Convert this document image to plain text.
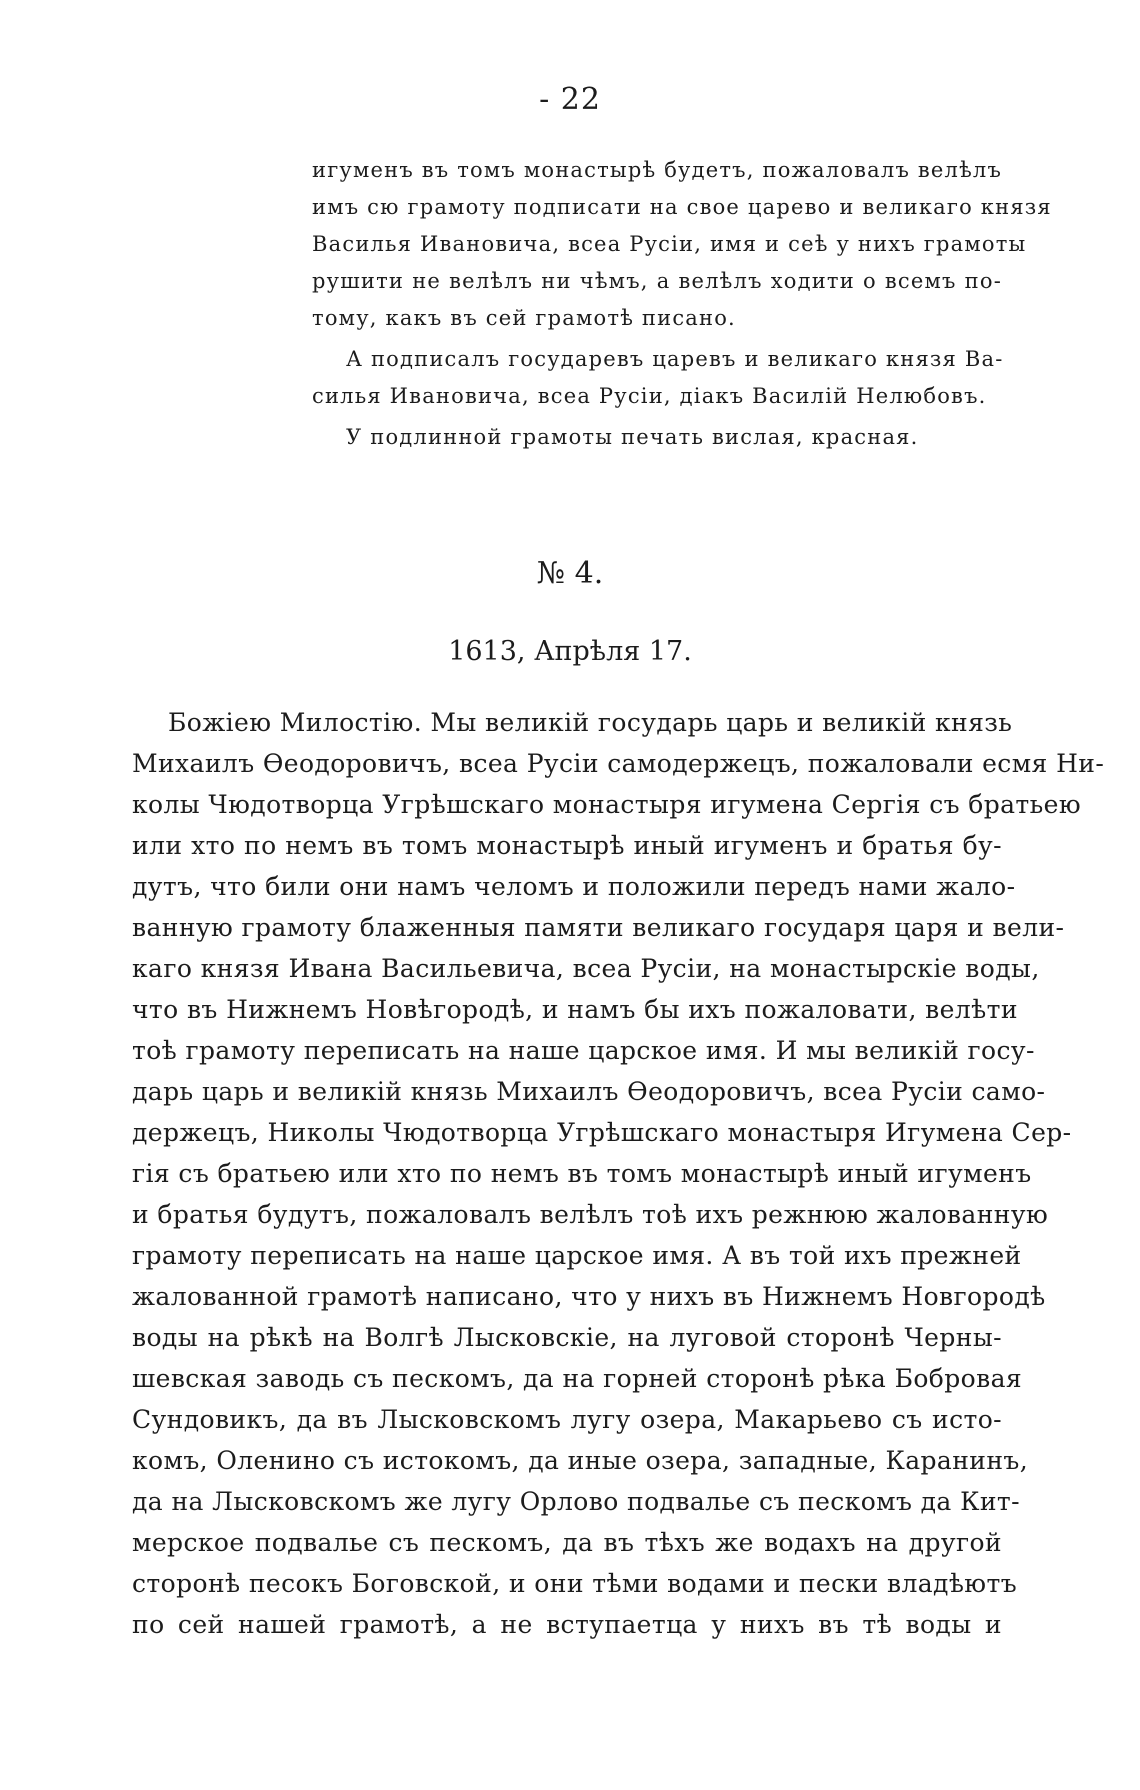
- 22
игуменъ въ томъ монастырѣ будетъ, пожаловалъ велѣлъ
имъ сю грамоту подписати на свое царево и великаго князя
Василья Ивановича, всеа Русіи, имя и сеѣ у нихъ грамоты
рушити не велѣлъ ни чѣмъ, а велѣлъ ходити о всемъ по-
тому, какъ въ сей грамотѣ писано.
А подписалъ государевъ царевъ и великаго князя Ва-
силья Ивановича, всеа Русіи, діакъ Василій Нелюбовъ.
У подлинной грамоты печать вислая, красная.
№ 4.
1613, Апрѣля 17.
Божіею Милостію. Мы великій государь царь и великій князь
Михаилъ Ѳеодоровичъ, всеа Русіи самодержецъ, пожаловали есмя Ни-
колы Чюдотворца Угрѣшскаго монастыря игумена Сергія съ братьею
или хто по немъ въ томъ монастырѣ иный игуменъ и братья бу-
дутъ, что били они намъ челомъ и положили передъ нами жало-
ванную грамоту блаженныя памяти великаго государя царя и вели-
каго князя Ивана Васильевича, всеа Русіи, на монастырскіе воды,
что въ Нижнемъ Новѣгородѣ, и намъ бы ихъ пожаловати, велѣти
тоѣ грамоту переписать на наше царское имя. И мы великій госу-
дарь царь и великій князь Михаилъ Ѳеодоровичъ, всеа Русіи само-
держецъ, Николы Чюдотворца Угрѣшскаго монастыря Игумена Сер-
гія съ братьею или хто по немъ въ томъ монастырѣ иный игуменъ
и братья будутъ, пожаловалъ велѣлъ тоѣ ихъ режнюю жалованную
грамоту переписать на наше царское имя. А въ той ихъ прежней
жалованной грамотѣ написано, что у нихъ въ Нижнемъ Новгородѣ
воды на рѣкѣ на Волгѣ Лысковскіе, на луговой сторонѣ Черны-
шевская заводь съ пескомъ, да на горней сторонѣ рѣка Бобровая
Сундовикъ, да въ Лысковскомъ лугу озера, Макарьево съ исто-
комъ, Оленино съ истокомъ, да иные озера, западные, Каранинъ,
да на Лысковскомъ же лугу Орлово подвалье съ пескомъ да Кит-
мерское подвалье съ пескомъ, да въ тѣхъ же водахъ на другой
сторонѣ песокъ Боговской, и они тѣми водами и пески владѣютъ
по сей нашей грамотѣ, а не вступаетца у нихъ въ тѣ воды и
